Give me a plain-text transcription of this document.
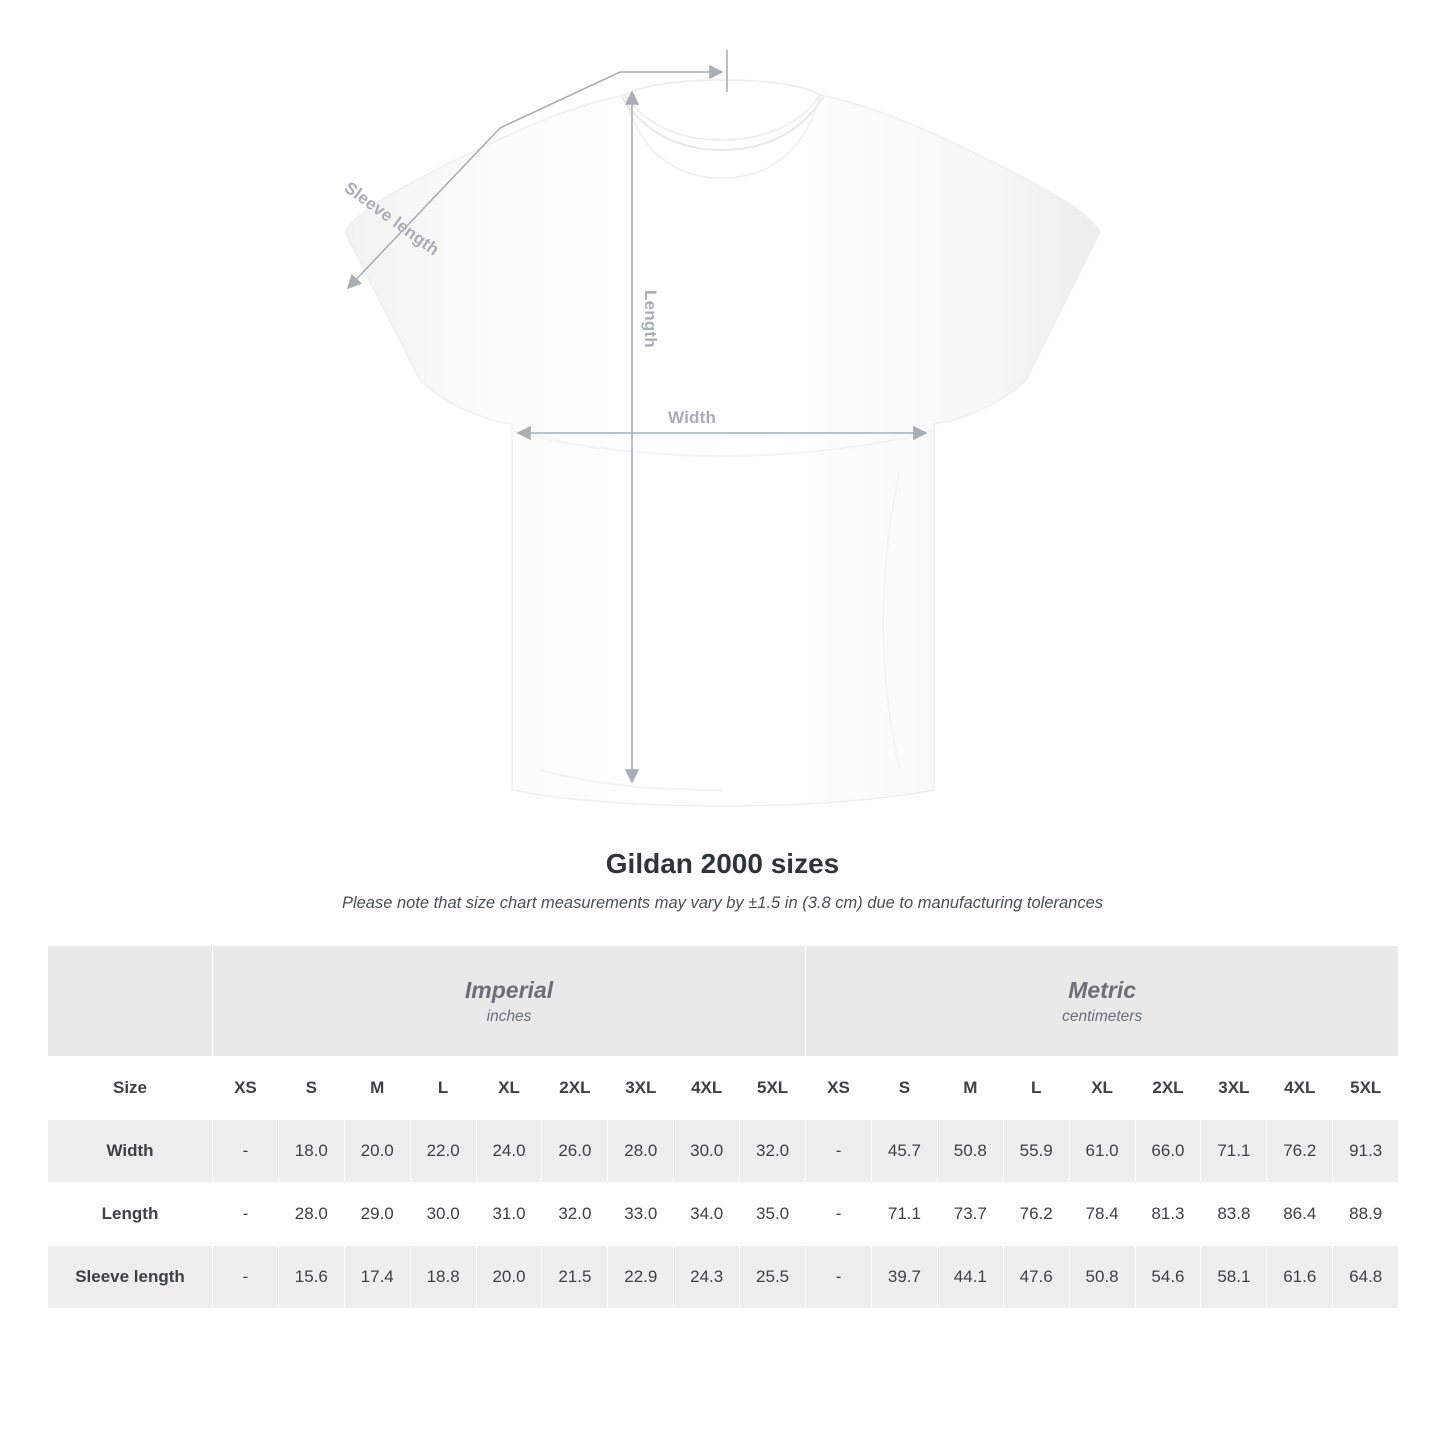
Sleeve length
Length
Width
Gildan 2000 sizes
Please note that size chart measurements may vary by ±1.5 in (3.8 cm) due to manufacturing tolerances

	Imperial
inches									Metric
centimeters								

Size	XS	S	M	L	XL	2XL	3XL	4XL	5XL	XS	S	M	L	XL	2XL	3XL	4XL	5XL
Width	-	18.0	20.0	22.0	24.0	26.0	28.0	30.0	32.0	-	45.7	50.8	55.9	61.0	66.0	71.1	76.2	91.3
Length	-	28.0	29.0	30.0	31.0	32.0	33.0	34.0	35.0	-	71.1	73.7	76.2	78.4	81.3	83.8	86.4	88.9
Sleeve length	-	15.6	17.4	18.8	20.0	21.5	22.9	24.3	25.5	-	39.7	44.1	47.6	50.8	54.6	58.1	61.6	64.8
